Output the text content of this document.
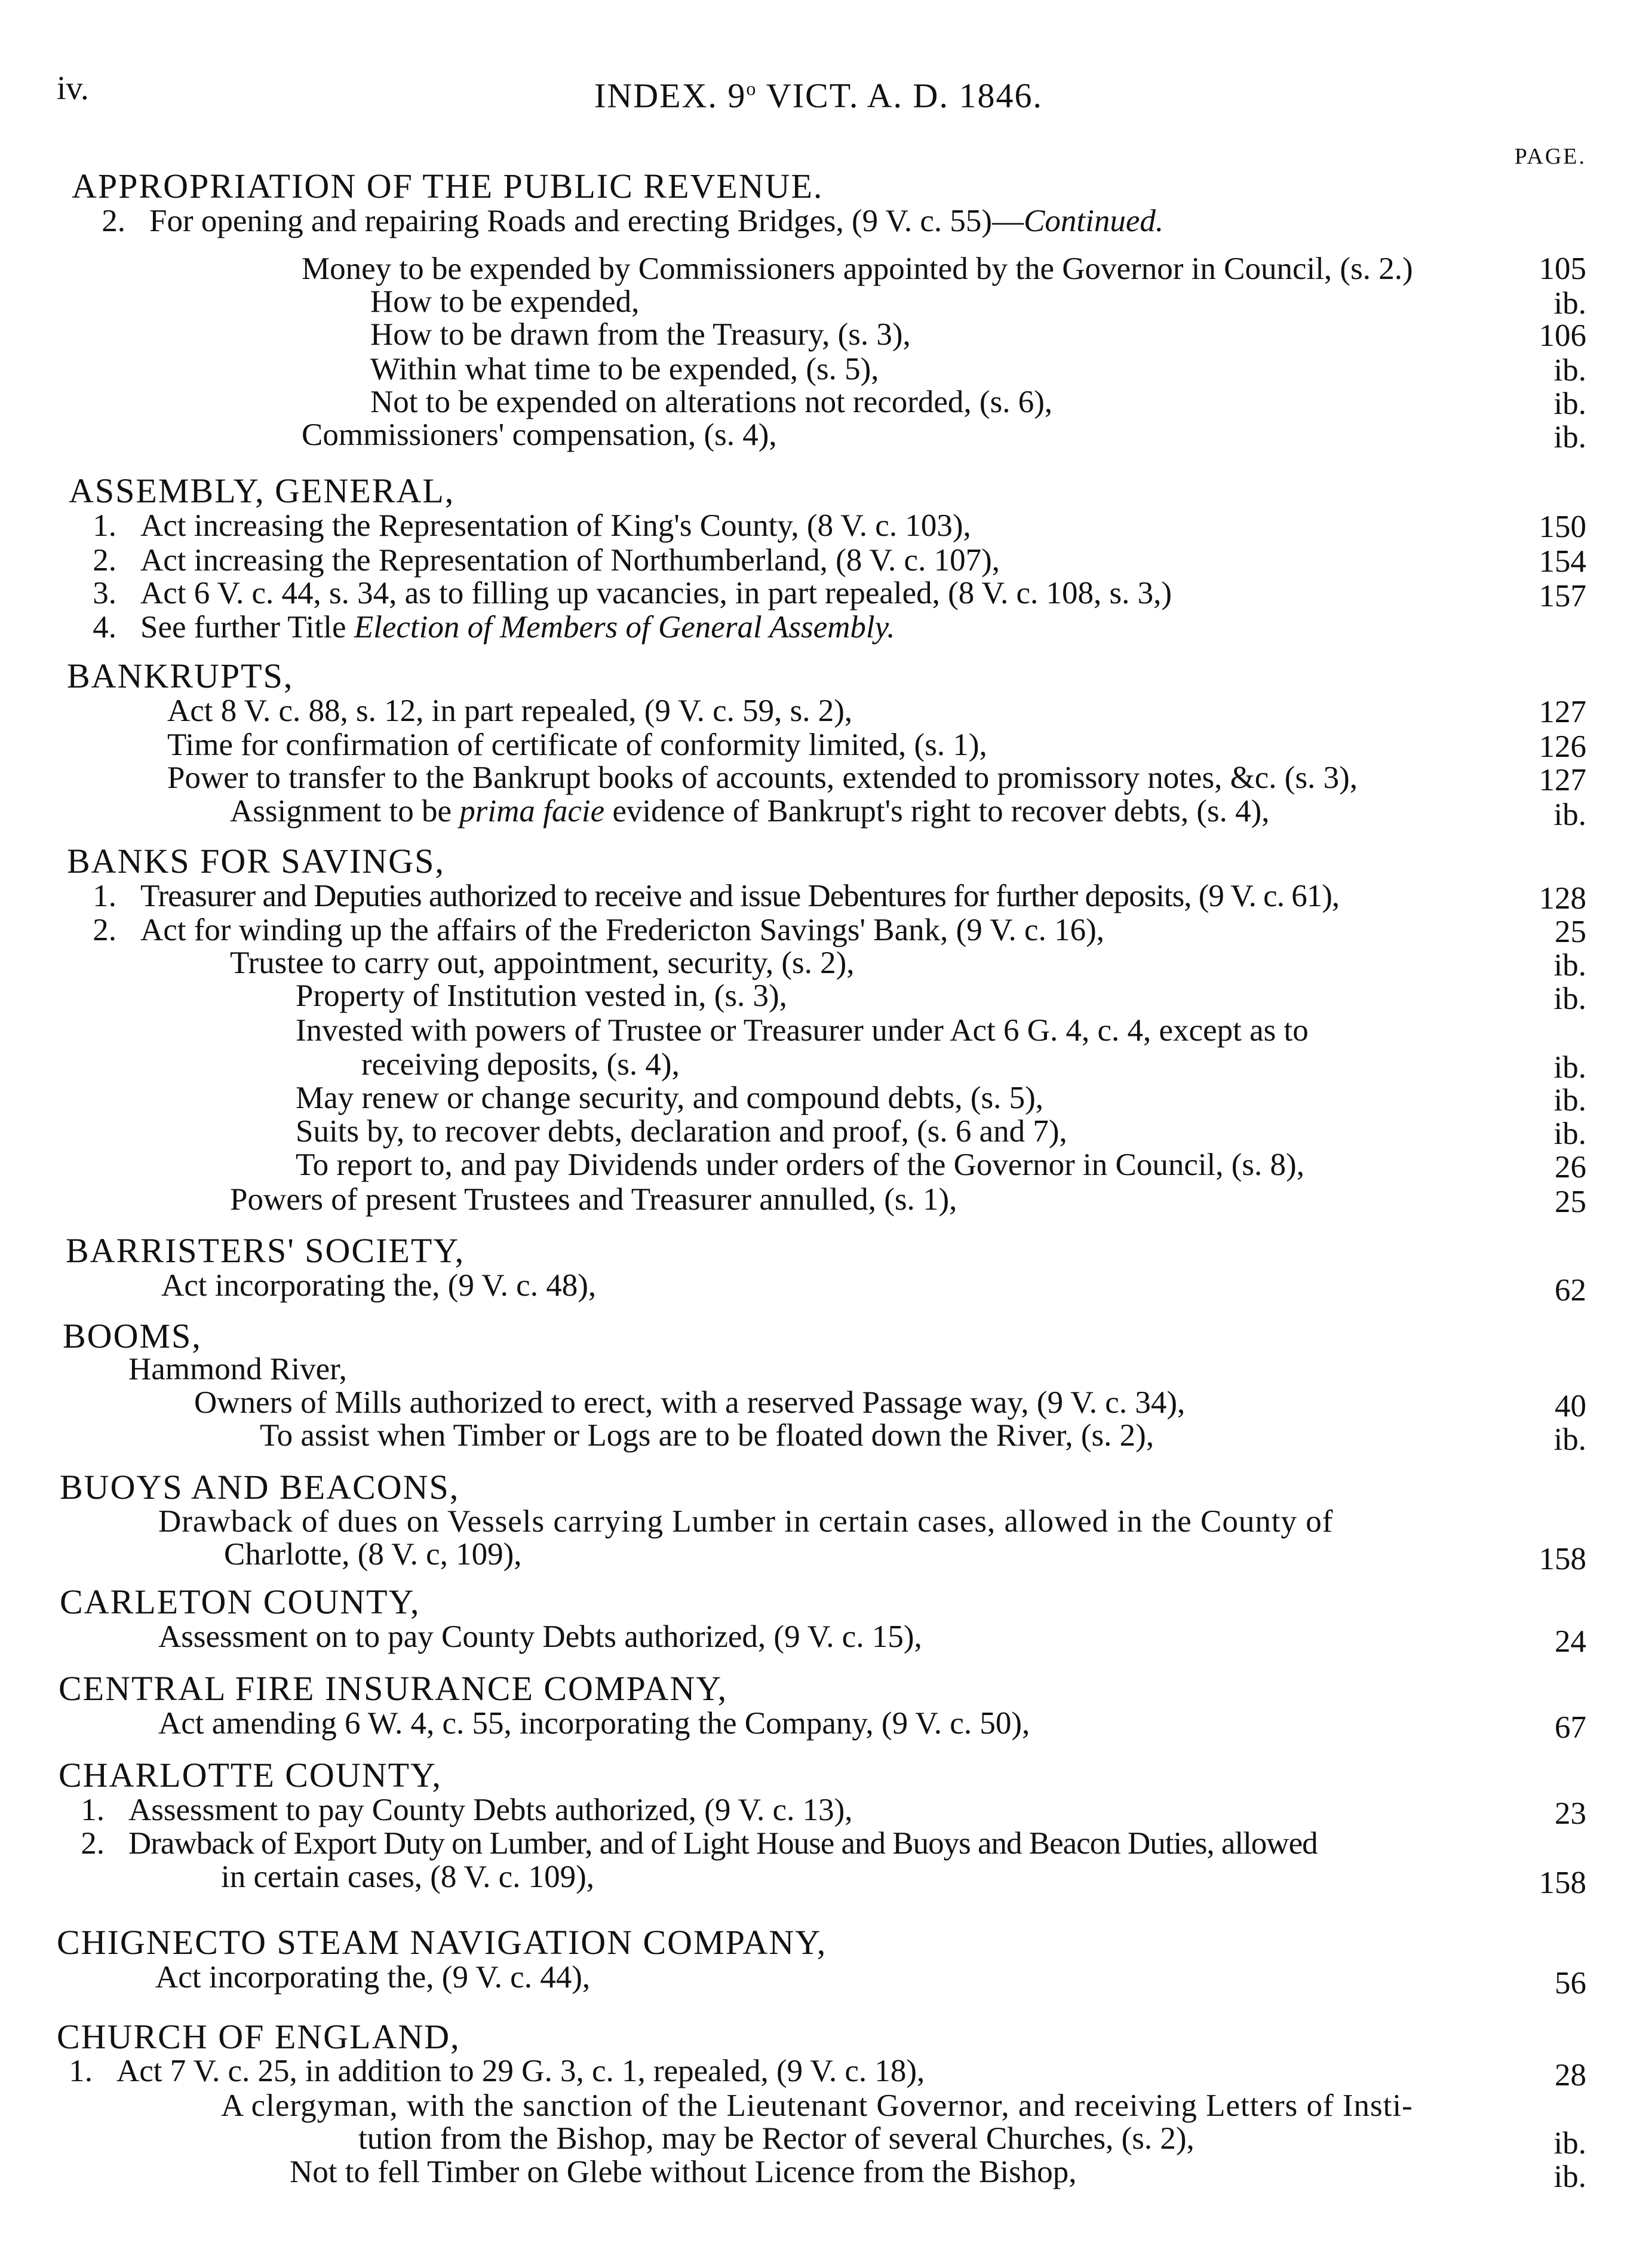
iv.	INDEX. 9$^o$ VICT. A. D. 1846.
PAGE.
APPROPRIATION OF THE PUBLIC REVENUE.
2. For opening and repairing Roads and erecting Bridges, (9 V. c. 55)—Continued.
Money to be expended by Commissioners appointed by the Governor in Council, (s. 2.)	105
How to be expended,	ib.
How to be drawn from the Treasury, (s. 3),	106
Within what time to be expended, (s. 5),	ib.
Not to be expended on alterations not recorded, (s. 6),	ib.
Commissioners' compensation, (s. 4),	ib.
ASSEMBLY, GENERAL,
1. Act increasing the Representation of King's County, (8 V. c. 103),	150
2. Act increasing the Representation of Northumberland, (8 V. c. 107),	154
3. Act 6 V. c. 44, s. 34, as to filling up vacancies, in part repealed, (8 V. c. 108, s. 3,)	157
4. See further Title Election of Members of General Assembly.
BANKRUPTS,
Act 8 V. c. 88, s. 12, in part repealed, (9 V. c. 59, s. 2),	127
Time for confirmation of certificate of conformity limited, (s. 1),	126
Power to transfer to the Bankrupt books of accounts, extended to promissory notes, &c. (s. 3),	127
Assignment to be prima facie evidence of Bankrupt's right to recover debts, (s. 4),	ib.
BANKS FOR SAVINGS,
1. Treasurer and Deputies authorized to receive and issue Debentures for further deposits, (9 V. c. 61),	128
2. Act for winding up the affairs of the Fredericton Savings' Bank, (9 V. c. 16),	25
Trustee to carry out, appointment, security, (s. 2),	ib.
Property of Institution vested in, (s. 3),	ib.
Invested with powers of Trustee or Treasurer under Act 6 G. 4, c. 4, except as to
receiving deposits, (s. 4),	ib.
May renew or change security, and compound debts, (s. 5),	ib.
Suits by, to recover debts, declaration and proof, (s. 6 and 7),	ib.
To report to, and pay Dividends under orders of the Governor in Council, (s. 8),	26
Powers of present Trustees and Treasurer annulled, (s. 1),	25
BARRISTERS' SOCIETY,
Act incorporating the, (9 V. c. 48),	62
BOOMS,
Hammond River,
Owners of Mills authorized to erect, with a reserved Passage way, (9 V. c. 34),	40
To assist when Timber or Logs are to be floated down the River, (s. 2),	ib.
BUOYS AND BEACONS,
Drawback of dues on Vessels carrying Lumber in certain cases, allowed in the County of
Charlotte, (8 V. c, 109),	158
CARLETON COUNTY,
Assessment on to pay County Debts authorized, (9 V. c. 15),	24
CENTRAL FIRE INSURANCE COMPANY,
Act amending 6 W. 4, c. 55, incorporating the Company, (9 V. c. 50),	67
CHARLOTTE COUNTY,
1. Assessment to pay County Debts authorized, (9 V. c. 13),	23
2. Drawback of Export Duty on Lumber, and of Light House and Buoys and Beacon Duties, allowed
in certain cases, (8 V. c. 109),	158
CHIGNECTO STEAM NAVIGATION COMPANY,
Act incorporating the, (9 V. c. 44),	56
CHURCH OF ENGLAND,
1. Act 7 V. c. 25, in addition to 29 G. 3, c. 1, repealed, (9 V. c. 18),	28
A clergyman, with the sanction of the Lieutenant Governor, and receiving Letters of Insti-
tution from the Bishop, may be Rector of several Churches, (s. 2),	ib.
Not to fell Timber on Glebe without Licence from the Bishop,	ib.
